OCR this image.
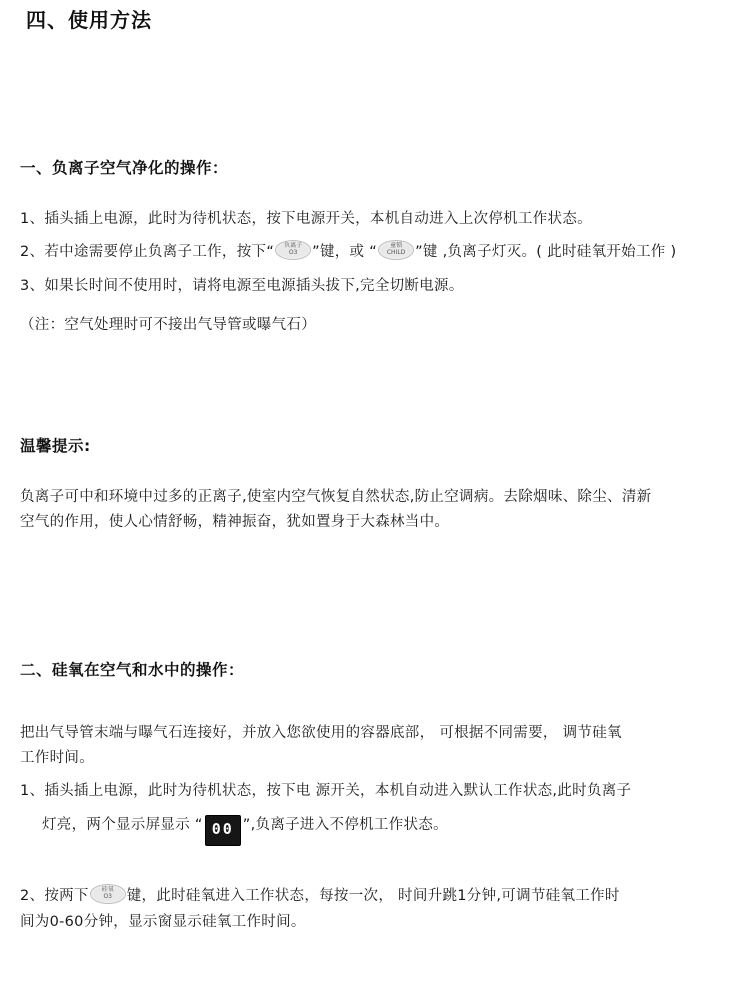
四、使用方法
一、负离子空气净化的操作：
1、插头插上电源，此时为待机状态，按下电源开关，本机自动进入上次停机工作状态。
2、若中途需要停止负离子工作，按下“	负离子
O3	”键，或 “	童锁
CHILD ”键 ,负离子灯灭。( 此时硅氧开始工作 )
3、如果长时间不使用时，请将电源至电源插头拔下,完全切断电源。
（注：空气处理时可不接出气导管或曝气石）
温馨提示:
负离子可中和环境中过多的正离子,使室内空气恢复自然状态,防止空调病。去除烟味、除尘、清新
空气的作用，使人心情舒畅，精神振奋，犹如置身于大森林当中。
二、硅氧在空气和水中的操作：
把出气导管末端与曝气石连接好，并放入您欲使用的容器底部， 可根据不同需要， 调节硅氧
工作时间。
1、插头插上电源，此时为待机状态，按下电 源开关，本机自动进入默认工作状态,此时负离子
灯亮，两个显示屏显示 “ 00 ”,负离子进入不停机工作状态。
2、按两下	硅氧
O3	键，此时硅氧进入工作状态，每按一次， 时间升跳1分钟,可调节硅氧工作时
间为0-60分钟，显示窗显示硅氧工作时间。
